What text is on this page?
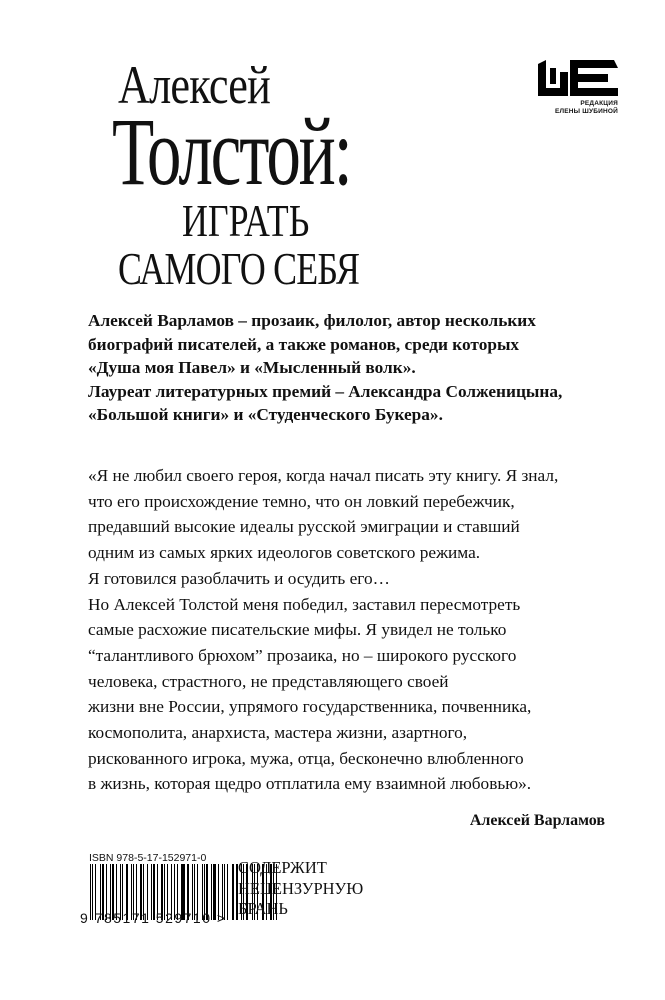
Алексей
Толстой:
ИГРАТЬ
САМОГО СЕБЯ
РЕДАКЦИЯ
ЕЛЕНЫ ШУБИНОЙ
Алексей Варламов – прозаик, филолог, автор нескольких
биографий писателей, а также романов, среди которых
«Душа моя Павел» и «Мысленный волк».
Лауреат литературных премий – Александра Солженицына,
«Большой книги» и «Студенческого Букера».
«Я не любил своего героя, когда начал писать эту книгу. Я знал,
что его происхождение темно, что он ловкий перебежчик,
предавший высокие идеалы русской эмиграции и ставший
одним из самых ярких идеологов советского режима.
Я готовился разоблачить и осудить его…
Но Алексей Толстой меня победил, заставил пересмотреть
самые расхожие писательские мифы. Я увидел не только
“талантливого брюхом” прозаика, но – широкого русского
человека, страстного, не представляющего своей
жизни вне России, упрямого государственника, почвенника,
космополита, анархиста, мастера жизни, азартного,
рискованного игрока, мужа, отца, бесконечно влюбленного
в жизнь, которая щедро отплатила ему взаимной любовью».
Алексей Варламов
ISBN 978-5-17-152971-0
9 785171 529710 >
СОДЕРЖИТ
НЕЦЕНЗУРНУЮ
БРАНЬ
